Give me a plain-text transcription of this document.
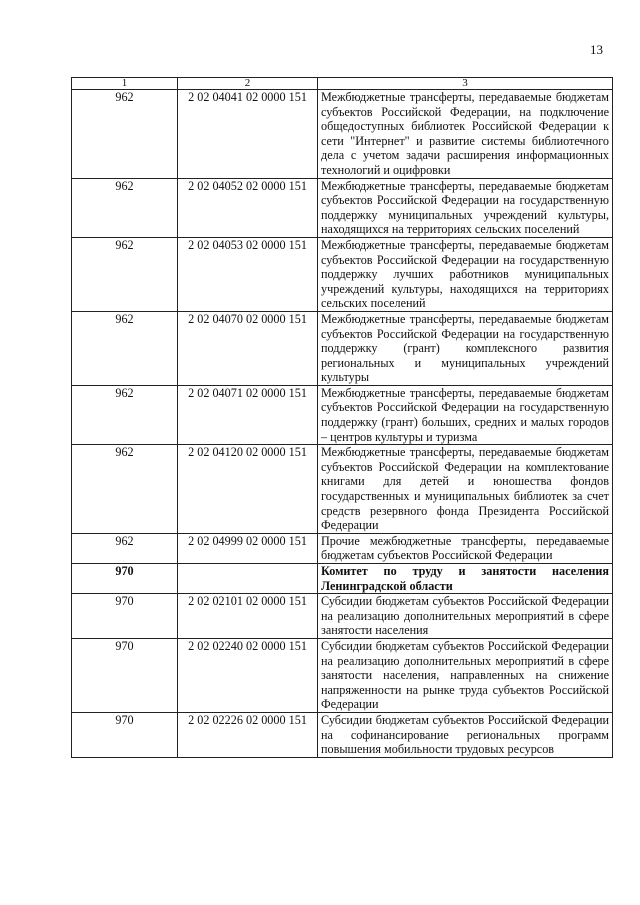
13
1	2	3
962	2 02 04041 02 0000 151	Межбюджетные трансферты, передаваемые бюджетам субъектов Российской Федерации, на подключение общедоступных библиотек Российской Федерации к сети "Интернет" и развитие системы библиотечного дела с учетом задачи расширения информационных технологий и оцифровки
962	2 02 04052 02 0000 151	Межбюджетные трансферты, передаваемые бюджетам субъектов Российской Федерации на государственную поддержку муниципальных учреждений культуры, находящихся на территориях сельских поселений
962	2 02 04053 02 0000 151	Межбюджетные трансферты, передаваемые бюджетам субъектов Российской Федерации на государственную поддержку лучших работников муниципальных учреждений культуры, находящихся на территориях сельских поселений
962	2 02 04070 02 0000 151	Межбюджетные трансферты, передаваемые бюджетам субъектов Российской Федерации на государственную поддержку (грант) комплексного развития региональных и муниципальных учреждений культуры
962	2 02 04071 02 0000 151	Межбюджетные трансферты, передаваемые бюджетам субъектов Российской Федерации на государственную поддержку (грант) больших, средних и малых городов – центров культуры и туризма
962	2 02 04120 02 0000 151	Межбюджетные трансферты, передаваемые бюджетам субъектов Российской Федерации на комплектование книгами для детей и юношества фондов государственных и муниципальных библиотек за счет средств резервного фонда Президента Российской Федерации
962	2 02 04999 02 0000 151	Прочие межбюджетные трансферты, передаваемые бюджетам субъектов Российской Федерации
970		Комитет по труду и занятости населения Ленинградской области
970	2 02 02101 02 0000 151	Субсидии бюджетам субъектов Российской Федерации на реализацию дополнительных мероприятий в сфере занятости населения
970	2 02 02240 02 0000 151	Субсидии бюджетам субъектов Российской Федерации на реализацию дополнительных мероприятий в сфере занятости населения, направленных на снижение напряженности на рынке труда субъектов Российской Федерации
970	2 02 02226 02 0000 151	Субсидии бюджетам субъектов Российской Федерации на софинансирование региональных программ повышения мобильности трудовых ресурсов
